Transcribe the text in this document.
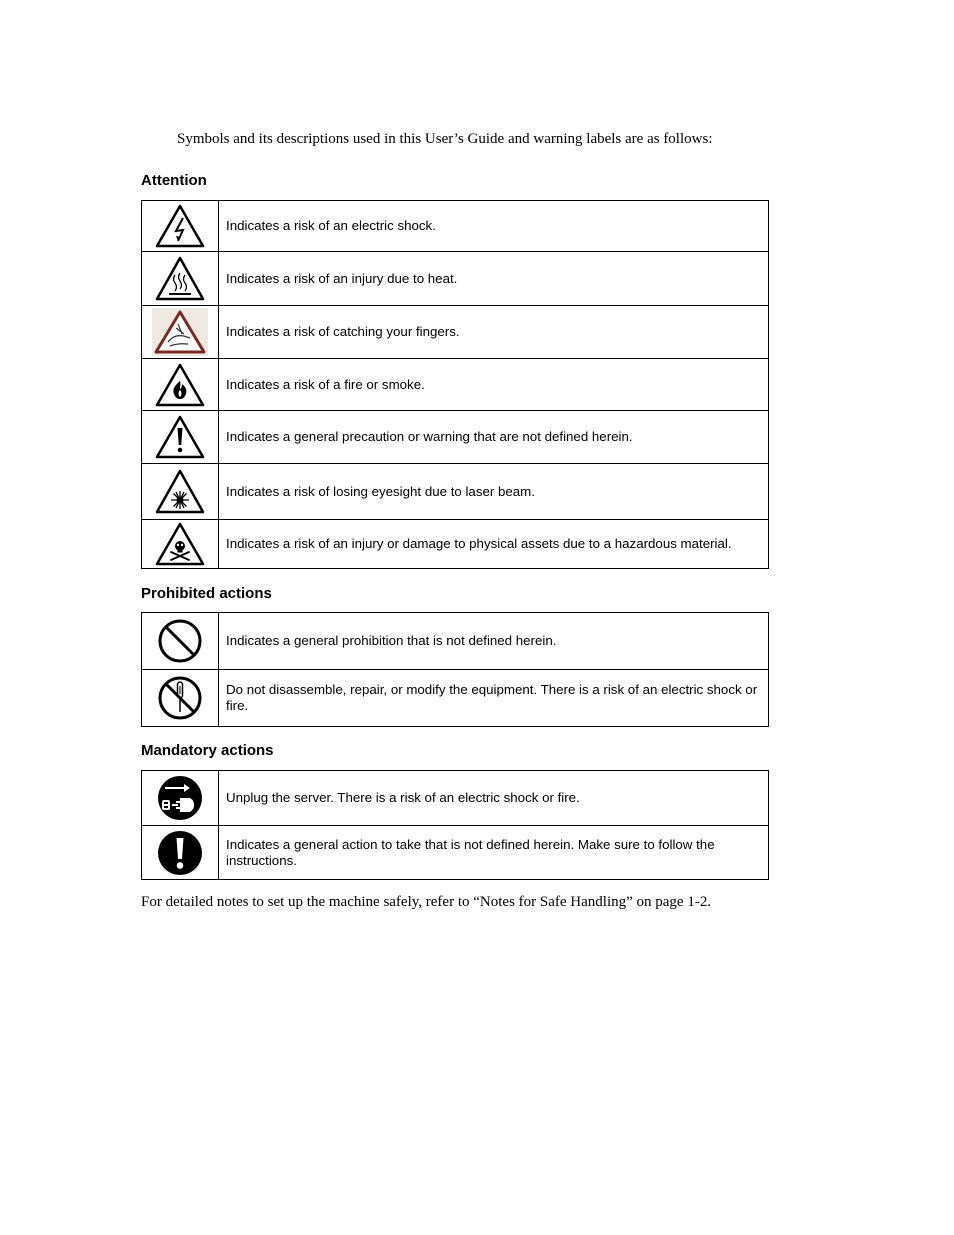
Symbols and its descriptions used in this User’s Guide and warning labels are as follows:

Attention
	Indicates a risk of an electric shock.

	Indicates a risk of an injury due to heat.

	Indicates a risk of catching your fingers.

	Indicates a risk of a fire or smoke.

	Indicates a general precaution or warning that are not defined herein.

	Indicates a risk of losing eyesight due to laser beam.

	Indicates a risk of an injury or damage to physical assets due to a hazardous material.
Prohibited actions
	Indicates a general prohibition that is not defined herein.

	Do not disassemble, repair, or modify the equipment. There is a risk of an electric shock or fire.
Mandatory actions
	Unplug the server. There is a risk of an electric shock or fire.

	Indicates a general action to take that is not defined herein. Make sure to follow the instructions.

For detailed notes to set up the machine safely, refer to “Notes for Safe Handling” on page 1-2.
